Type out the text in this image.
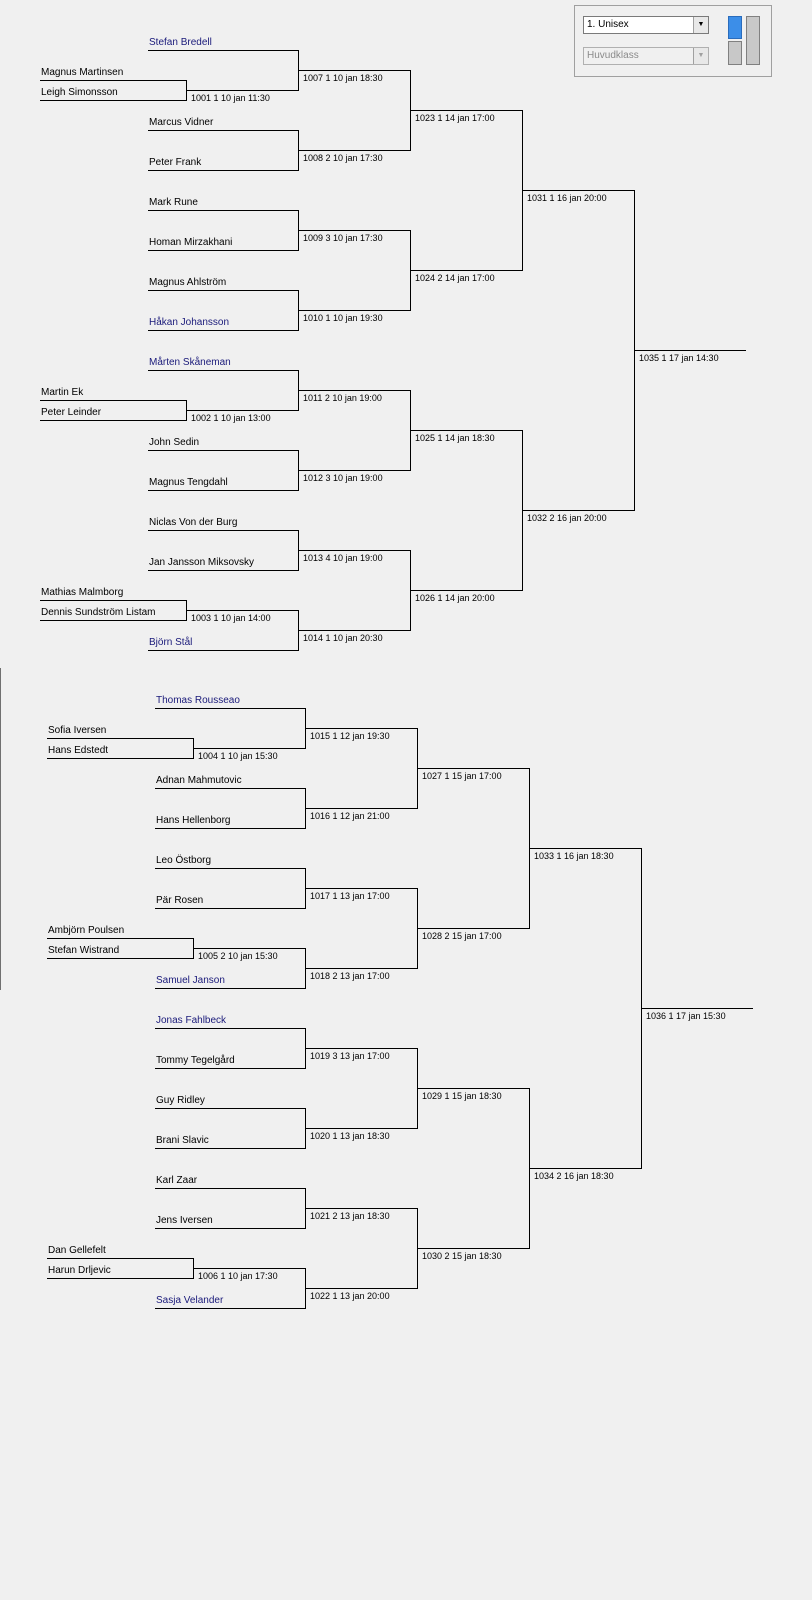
Stefan Bredell
Magnus Martinsen
Leigh Simonsson
Marcus Vidner
Peter Frank
Mark Rune
Homan Mirzakhani
Magnus Ahlström
Håkan Johansson
Mårten Skåneman
Martin Ek
Peter Leinder
John Sedin
Magnus Tengdahl
Niclas Von der Burg
Jan Jansson Miksovsky
Mathias Malmborg
Dennis Sundström Listam
Björn Stål
1001 1 10 jan 11:30
1002 1 10 jan 13:00
1003 1 10 jan 14:00
1007 1 10 jan 18:30
1008 2 10 jan 17:30
1009 3 10 jan 17:30
1010 1 10 jan 19:30
1011 2 10 jan 19:00
1012 3 10 jan 19:00
1013 4 10 jan 19:00
1014 1 10 jan 20:30
1023 1 14 jan 17:00
1024 2 14 jan 17:00
1025 1 14 jan 18:30
1026 1 14 jan 20:00
1031 1 16 jan 20:00
1032 2 16 jan 20:00
1035 1 17 jan 14:30
Thomas Rousseao
Sofia Iversen
Hans Edstedt
Adnan Mahmutovic
Hans Hellenborg
Leo Östborg
Pär Rosen
Ambjörn Poulsen
Stefan Wistrand
Samuel Janson
Jonas Fahlbeck
Tommy Tegelgård
Guy Ridley
Brani Slavic
Karl Zaar
Jens Iversen
Dan Gellefelt
Harun Drljevic
Sasja Velander
1004 1 10 jan 15:30
1005 2 10 jan 15:30
1006 1 10 jan 17:30
1015 1 12 jan 19:30
1016 1 12 jan 21:00
1017 1 13 jan 17:00
1018 2 13 jan 17:00
1019 3 13 jan 17:00
1020 1 13 jan 18:30
1021 2 13 jan 18:30
1022 1 13 jan 20:00
1027 1 15 jan 17:00
1028 2 15 jan 17:00
1029 1 15 jan 18:30
1030 2 15 jan 18:30
1033 1 16 jan 18:30
1034 2 16 jan 18:30
1036 1 17 jan 15:30
1. Unisex	▼
Huvudklass	▼
